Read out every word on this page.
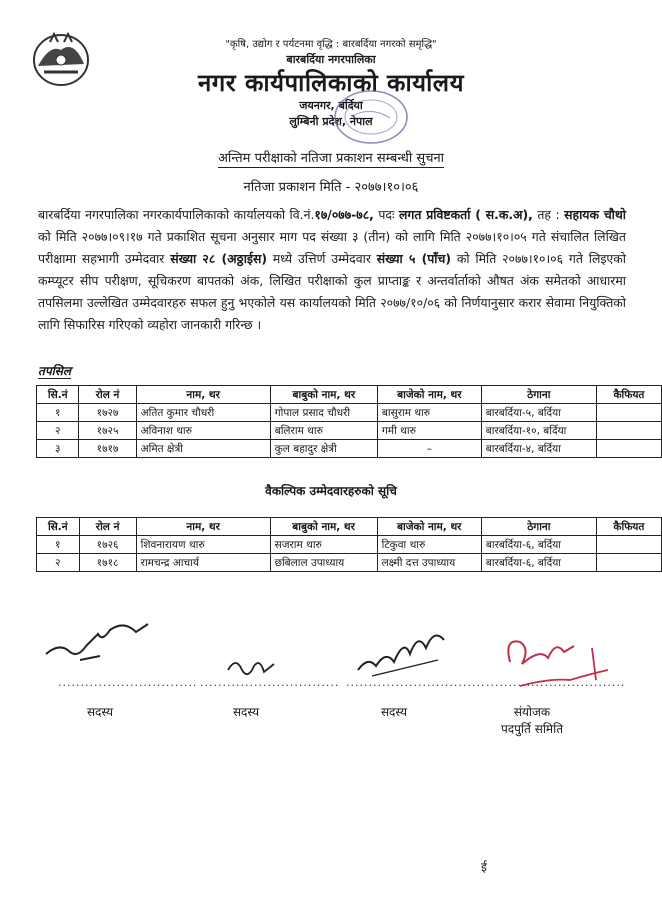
"कृषि, उद्योग र पर्यटनमा वृद्धि : बारबर्दिया नगरको समृद्धि"
बारबर्दिया नगरपालिका
नगर कार्यपालिकाको कार्यालय
जयनगर, बर्दिया
लुम्बिनी प्रदेश, नेपाल
अन्तिम परीक्षाको नतिजा प्रकाशन सम्बन्धी सुचना
नतिजा प्रकाशन मिति - २०७७।१०।०६
बारबर्दिया नगरपालिका नगरकार्यपालिकाको कार्यालयको वि.नं.१७/०७७-७८, पदः लगत प्रविष्टकर्ता ( स.क.अ), तह : सहायक चौथो को मिति २०७७।०९।१७ गते प्रकाशित सूचना अनुसार माग पद संख्या ३ (तीन) को लागि मिति २०७७।१०।०५ गते संचालित लिखित परीक्षामा सहभागी उम्मेदवार संख्या २८ (अठ्ठाईस) मध्ये उत्तिर्ण उम्मेदवार संख्या ५ (पाँच) को मिति २०७७।१०।०६ गते लिइएको कम्प्यूटर सीप परीक्षण, सूचिकरण बापतको अंक, लिखित परीक्षाको कुल प्राप्ताङ्क र अन्तर्वार्ताको औषत अंक समेतको आधारमा तपसिलमा उल्लेखित उम्मेदवारहरु सफल हुनु भएकोले यस कार्यालयको मिति २०७७/१०/०६ को निर्णयानुसार करार सेवामा नियुक्तिको लागि सिफारिस गरिएको व्यहोरा जानकारी गरिन्छ ।
तपसिल
सि.नं	रोल नं	नाम, थर	बाबुको नाम, थर	बाजेको नाम, थर	ठेगाना	कैफियत
१	१७२७	अतित कुमार चौधरी	गोपाल प्रसाद चौधरी	बासुराम थारु	बारबर्दिया-५, बर्दिया	
२	१७२५	अविनाश थारु	बलिराम थारु	गमी थारु	बारबर्दिया-१०, बर्दिया	
३	१७१७	अमित क्षेत्री	कुल बहादुर क्षेत्री	–	बारबर्दिया-४, बर्दिया	
वैकल्पिक उम्मेदवारहरुको सूचि
सि.नं	रोल नं	नाम, थर	बाबुको नाम, थर	बाजेको नाम, थर	ठेगाना	कैफियत
१	१७२६	शिवनारायण थारु	सजराम थारु	टिकुवा थारु	बारबर्दिया-६, बर्दिया	
२	१७१८	रामचन्द्र आचार्य	छबिलाल उपाध्याय	लक्ष्मी दत्त उपाध्याय	बारबर्दिया-६, बर्दिया	
............................... ............................... ............................... ...............................
सदस्य	सदस्य	सदस्य	संयोजक
पदपुर्ति समिति
ई
